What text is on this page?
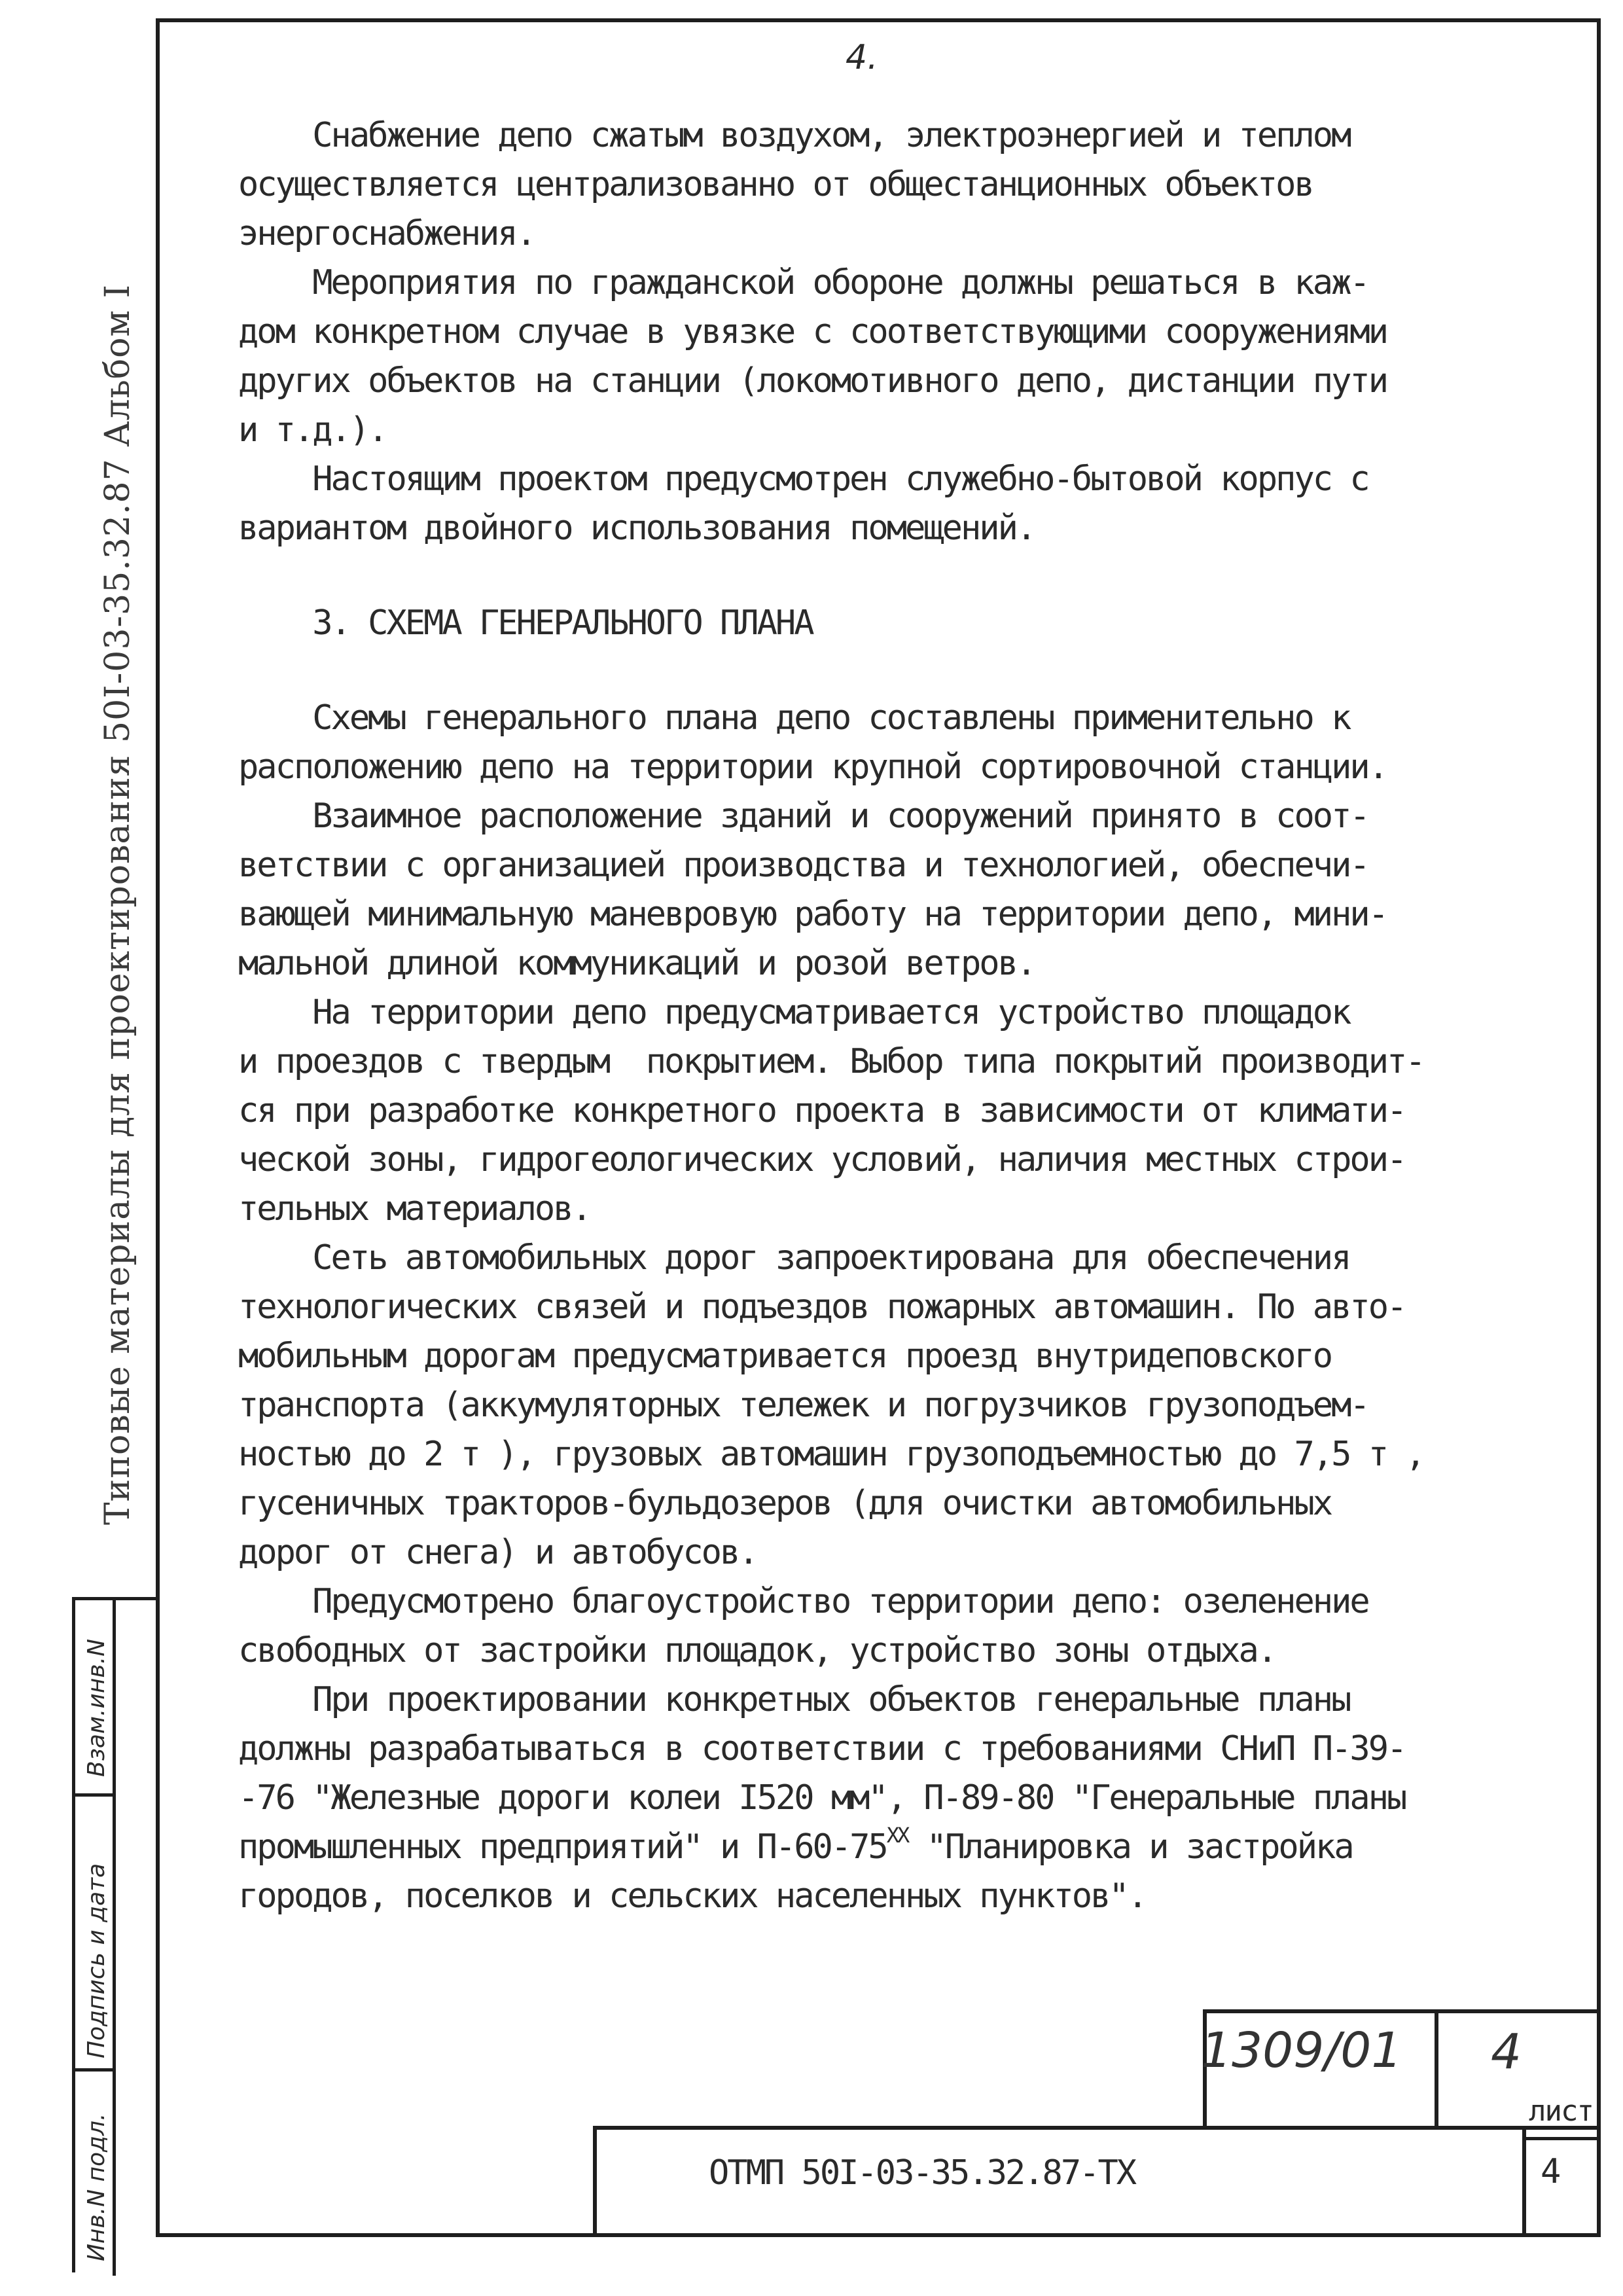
4.
Типовые материалы для проектирования 50I-03-35.32.87 Альбом I

Снабжение депо сжатым воздухом, электроэнергией и теплом

осуществляется централизованно от общестанционных объектов

энергоснабжения.

Мероприятия по гражданской обороне должны решаться в каж-

дом конкретном случае в увязке с соответствующими сооружениями

других объектов на станции (локомотивного депо, дистанции пути

и т.д.).

Настоящим проектом предусмотрен служебно-бытовой корпус с

вариантом двойного использования помещений.

3. СХЕМА ГЕНЕРАЛЬНОГО ПЛАНА

Схемы генерального плана депо составлены применительно к

расположению депо на территории крупной сортировочной станции.

Взаимное расположение зданий и сооружений принято в соот-

ветствии с организацией производства и технологией, обеспечи-

вающей минимальную маневровую работу на территории депо, мини-

мальной длиной коммуникаций и розой ветров.

На территории депо предусматривается устройство площадок

и проездов с твердым  покрытием. Выбор типа покрытий производит-

ся при разработке конкретного проекта в зависимости от климати-

ческой зоны, гидрогеологических условий, наличия местных строи-

тельных материалов.

Сеть автомобильных дорог запроектирована для обеспечения

технологических связей и подъездов пожарных автомашин. По авто-

мобильным дорогам предусматривается проезд внутридеповского

транспорта (аккумуляторных тележек и погрузчиков грузоподъем-

ностью до 2 т ), грузовых автомашин грузоподъемностью до 7,5 т ,

гусеничных тракторов-бульдозеров (для очистки автомобильных

дорог от снега) и автобусов.

Предусмотрено благоустройство территории депо: озеленение

свободных от застройки площадок, устройство зоны отдыха.

При проектировании конкретных объектов генеральные планы

должны разрабатываться в соответствии с требованиями СНиП П-39-

-76 "Железные дороги колеи I520 мм", П-89-80 "Генеральные планы

промышленных предприятий" и $П-60-75^{XX}$ "Планировка и застройка

городов, поселков и сельских населенных пунктов".

Взам.инв.N
Подпись и дата
Инв.N подл.
1309/01 4
ОТМП 50I-03-35.32.87-ТХ
лист
4
